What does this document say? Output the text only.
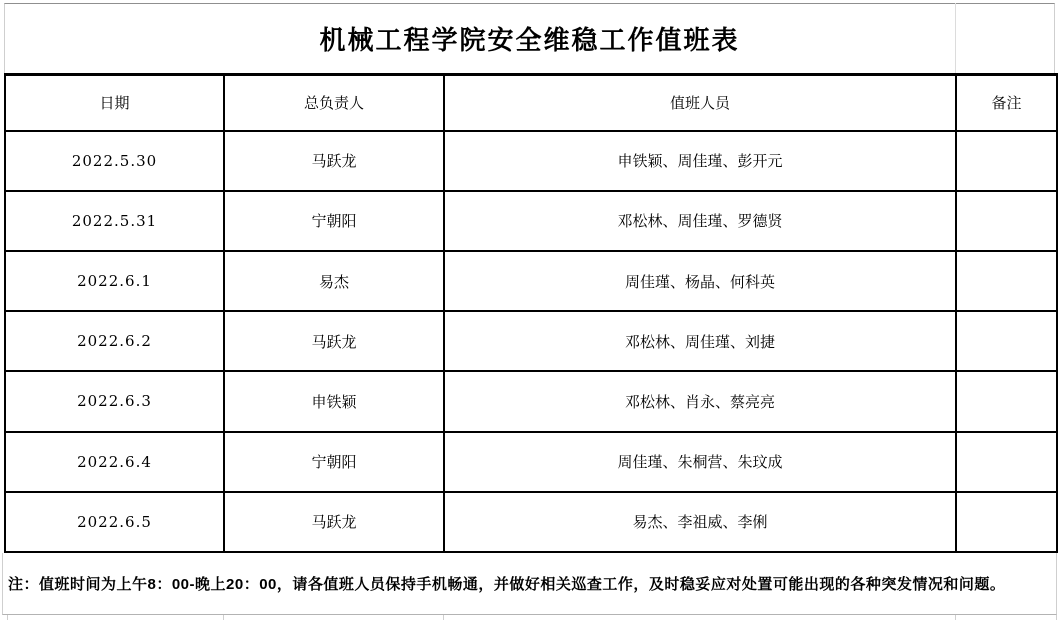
机械工程学院安全维稳工作值班表
日期	总负责人	值班人员	备注
2022.5.30	马跃龙	申铁颖、周佳瑾、彭开元	
2022.5.31	宁朝阳	邓松林、周佳瑾、罗德贤	
2022.6.1	易杰	周佳瑾、杨晶、何科英	
2022.6.2	马跃龙	邓松林、周佳瑾、刘捷	
2022.6.3	申铁颖	邓松林、肖永、蔡亮亮	
2022.6.4	宁朝阳	周佳瑾、朱桐营、朱玟成	
2022.6.5	马跃龙	易杰、李祖威、李俐	
注：值班时间为上午8：00-晚上20：00，请各值班人员保持手机畅通，并做好相关巡查工作，及时稳妥应对处置可能出现的各种突发情况和问题。
